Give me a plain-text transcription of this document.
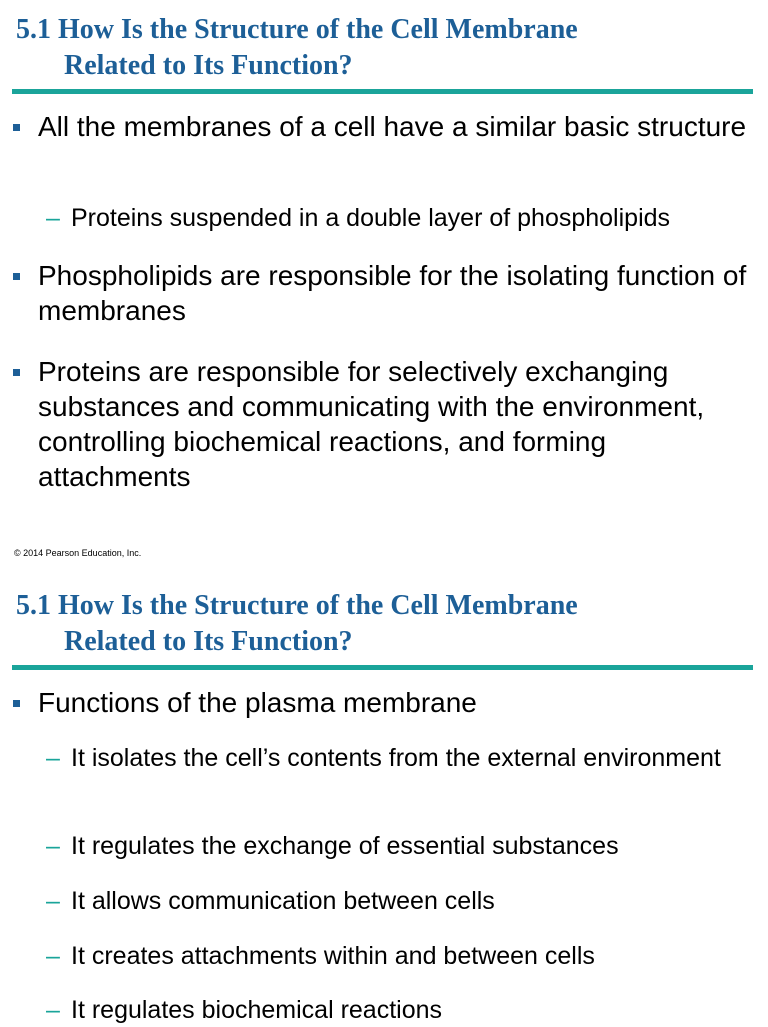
5.1 How Is the Structure of the Cell Membrane
Related to Its Function?
All the membranes of a cell have a similar basic structure
– Proteins suspended in a double layer of phospholipids
Phospholipids are responsible for the isolating function of membranes
Proteins are responsible for selectively exchanging substances and communicating with the environment, controlling biochemical reactions, and forming attachments
© 2014 Pearson Education, Inc.
5.1 How Is the Structure of the Cell Membrane
Related to Its Function?
Functions of the plasma membrane
– It isolates the cell’s contents from the external environment
– It regulates the exchange of essential substances
– It allows communication between cells
– It creates attachments within and between cells
– It regulates biochemical reactions
